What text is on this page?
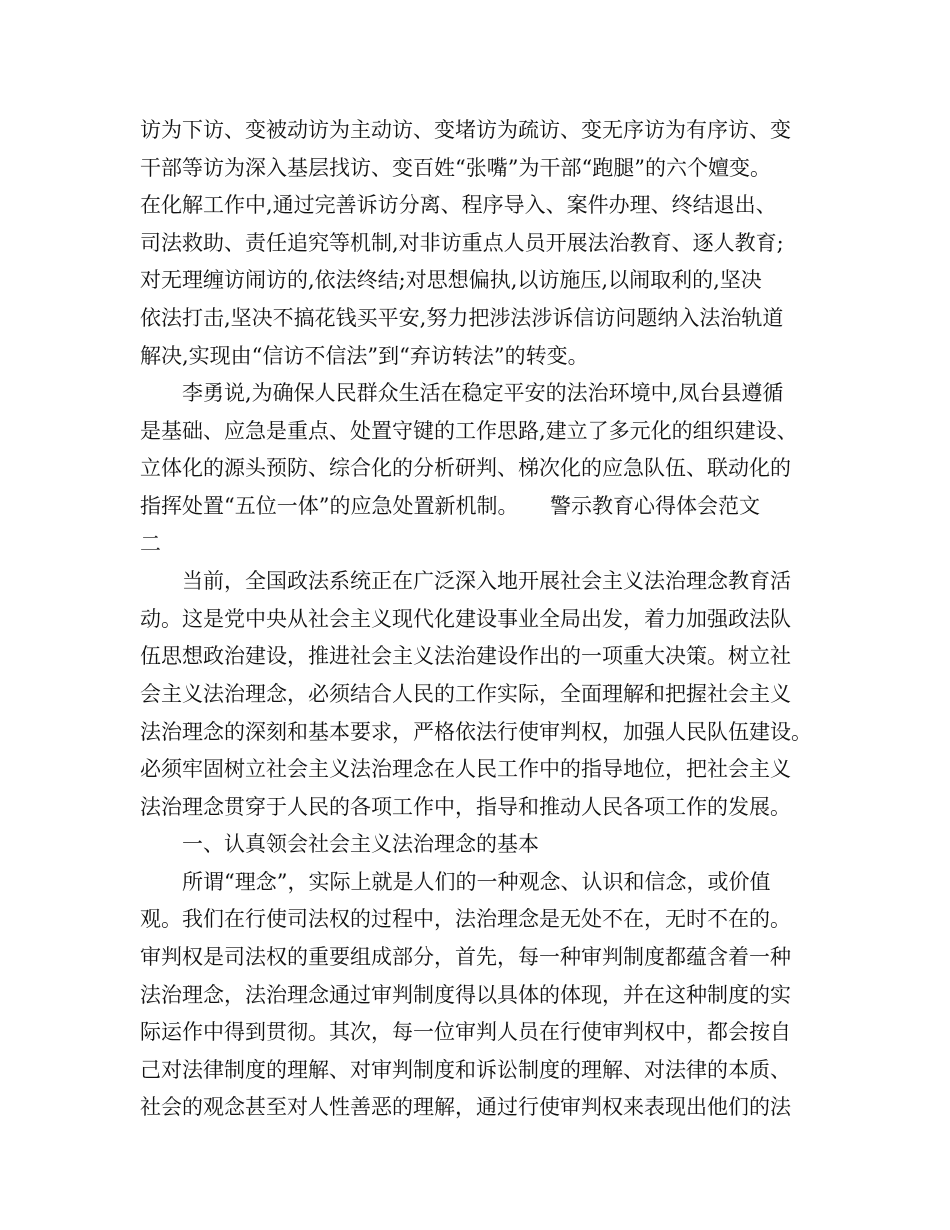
访为下访、变被动访为主动访、变堵访为疏访、变无序访为有序访、变
干部等访为深入基层找访、变百姓“张嘴”为干部“跑腿”的六个嬗变。
在化解工作中,通过完善诉访分离、程序导入、案件办理、终结退出、
司法救助、责任追究等机制,对非访重点人员开展法治教育、逐人教育;
对无理缠访闹访的,依法终结;对思想偏执,以访施压,以闹取利的,坚决
依法打击,坚决不搞花钱买平安,努力把涉法涉诉信访问题纳入法治轨道
解决,实现由“信访不信法”到“弃访转法”的转变。
李勇说,为确保人民群众生活在稳定平安的法治环境中,凤台县遵循
是基础、应急是重点、处置守键的工作思路,建立了多元化的组织建设、
立体化的源头预防、综合化的分析研判、梯次化的应急队伍、联动化的
指挥处置“五位一体”的应急处置新机制。　　警示教育心得体会范文
二
当前，全国政法系统正在广泛深入地开展社会主义法治理念教育活
动。这是党中央从社会主义现代化建设事业全局出发，着力加强政法队
伍思想政治建设，推进社会主义法治建设作出的一项重大决策。树立社
会主义法治理念，必须结合人民的工作实际，全面理解和把握社会主义
法治理念的深刻和基本要求，严格依法行使审判权，加强人民队伍建设。
必须牢固树立社会主义法治理念在人民工作中的指导地位，把社会主义
法治理念贯穿于人民的各项工作中，指导和推动人民各项工作的发展。
一、认真领会社会主义法治理念的基本
所谓“理念”，实际上就是人们的一种观念、认识和信念，或价值
观。我们在行使司法权的过程中，法治理念是无处不在，无时不在的。
审判权是司法权的重要组成部分，首先，每一种审判制度都蕴含着一种
法治理念，法治理念通过审判制度得以具体的体现，并在这种制度的实
际运作中得到贯彻。其次，每一位审判人员在行使审判权中，都会按自
己对法律制度的理解、对审判制度和诉讼制度的理解、对法律的本质、
社会的观念甚至对人性善恶的理解，通过行使审判权来表现出他们的法
